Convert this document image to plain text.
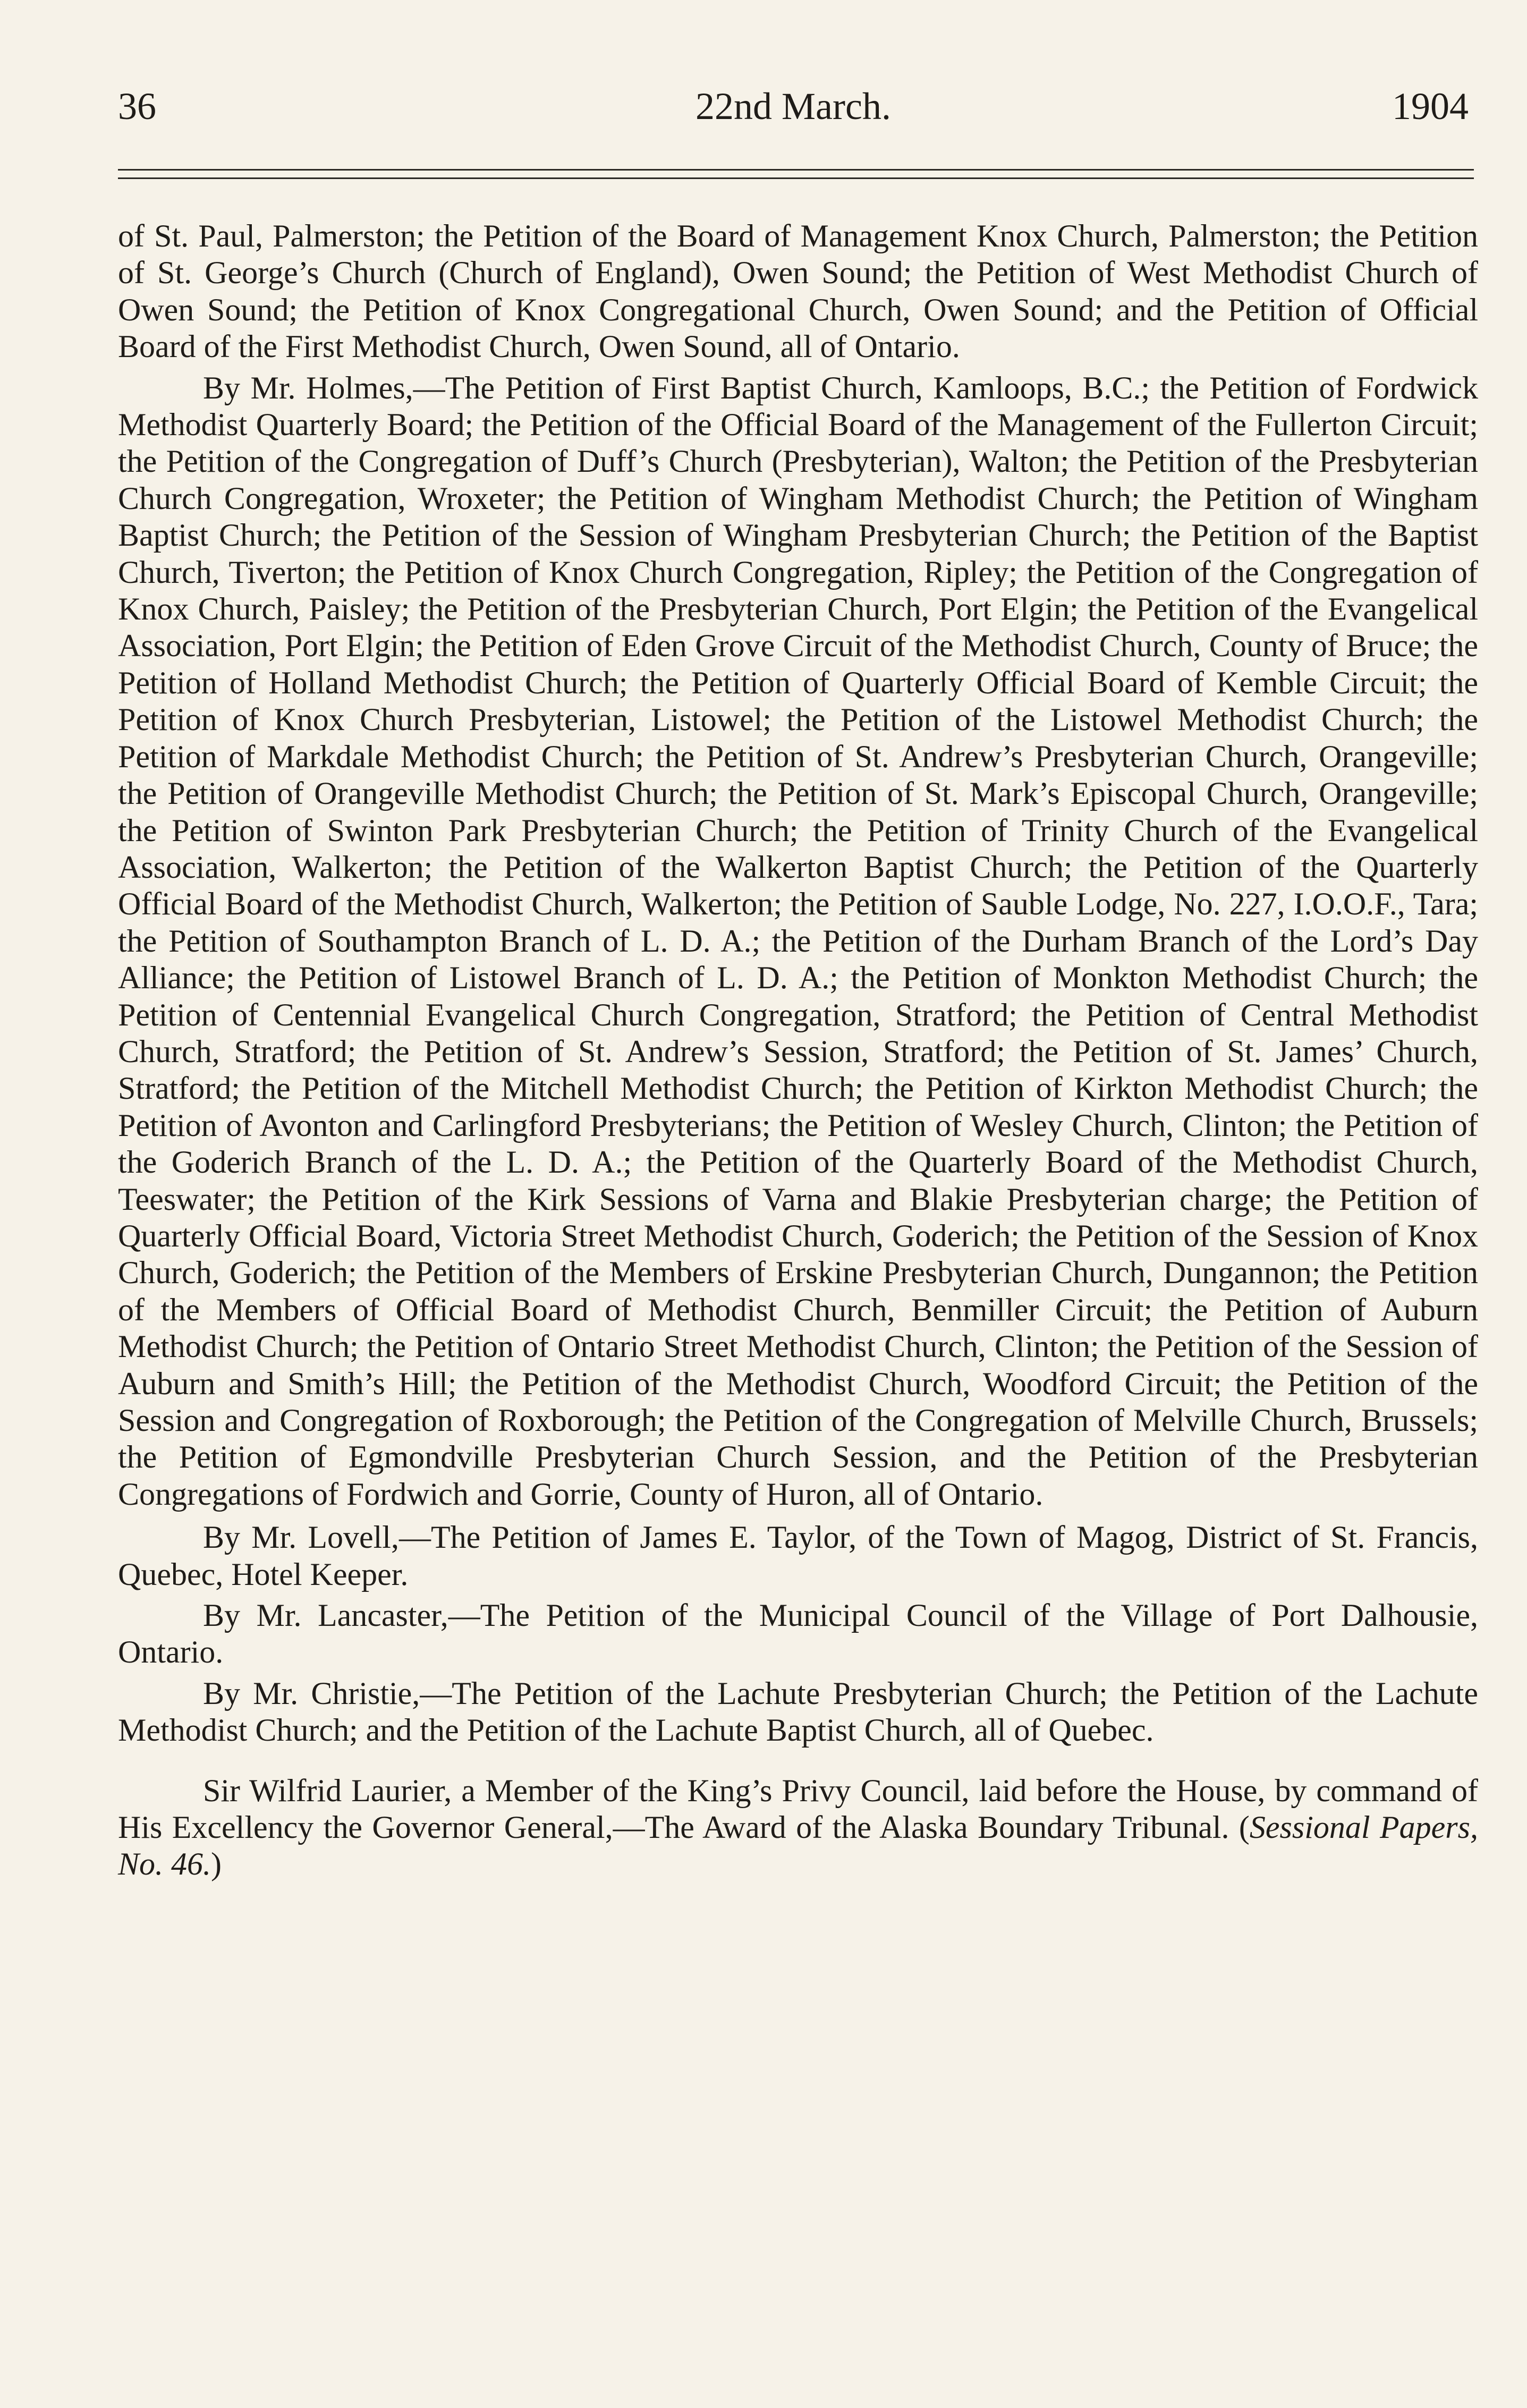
36	22nd March.	1904

of St. Paul, Palmerston; the Petition of the Board of Management Knox Church, Palmerston; the Petition of St. George’s Church (Church of England), Owen Sound; the Petition of West Methodist Church of Owen Sound; the Petition of Knox Congregational Church, Owen Sound; and the Petition of Official Board of the First Methodist Church, Owen Sound, all of Ontario.

By Mr. Holmes,—The Petition of First Baptist Church, Kamloops, B.C.; the Petition of Fordwick Methodist Quarterly Board; the Petition of the Official Board of the Management of the Fullerton Circuit; the Petition of the Congregation of Duff’s Church (Presbyterian), Walton; the Petition of the Presbyterian Church Congregation, Wroxeter; the Petition of Wingham Methodist Church; the Petition of Wingham Baptist Church; the Petition of the Session of Wingham Presbyterian Church; the Petition of the Baptist Church, Tiverton; the Petition of Knox Church Congregation, Ripley; the Petition of the Congregation of Knox Church, Paisley; the Petition of the Presbyterian Church, Port Elgin; the Petition of the Evangelical Association, Port Elgin; the Petition of Eden Grove Circuit of the Methodist Church, County of Bruce; the Petition of Holland Methodist Church; the Petition of Quarterly Official Board of Kemble Circuit; the Petition of Knox Church Presbyterian, Listowel; the Petition of the Listowel Methodist Church; the Petition of Markdale Methodist Church; the Petition of St. Andrew’s Presbyterian Church, Orangeville; the Petition of Orangeville Methodist Church; the Petition of St. Mark’s Episcopal Church, Orangeville; the Petition of Swinton Park Presbyterian Church; the Petition of Trinity Church of the Evangelical Association, Walkerton; the Petition of the Walkerton Baptist Church; the Petition of the Quarterly Official Board of the Methodist Church, Walkerton; the Petition of Sauble Lodge, No. 227, I.O.O.F., Tara; the Petition of Southampton Branch of L. D. A.; the Petition of the Durham Branch of the Lord’s Day Alliance; the Petition of Listowel Branch of L. D. A.; the Petition of Monkton Methodist Church; the Petition of Centennial Evangelical Church Congregation, Stratford; the Petition of Central Methodist Church, Stratford; the Petition of St. Andrew’s Session, Stratford; the Petition of St. James’ Church, Stratford; the Petition of the Mitchell Methodist Church; the Petition of Kirkton Methodist Church; the Petition of Avonton and Carlingford Presbyterians; the Petition of Wesley Church, Clinton; the Petition of the Goderich Branch of the L. D. A.; the Petition of the Quarterly Board of the Methodist Church, Teeswater; the Petition of the Kirk Sessions of Varna and Blakie Presbyterian charge; the Petition of Quarterly Official Board, Victoria Street Methodist Church, Goderich; the Petition of the Session of Knox Church, Goderich; the Petition of the Members of Erskine Presbyterian Church, Dungannon; the Petition of the Members of Official Board of Methodist Church, Benmiller Circuit; the Petition of Auburn Methodist Church; the Petition of Ontario Street Methodist Church, Clinton; the Petition of the Session of Auburn and Smith’s Hill; the Petition of the Methodist Church, Woodford Circuit; the Petition of the Session and Congregation of Roxborough; the Petition of the Congregation of Melville Church, Brussels; the Petition of Egmondville Presbyterian Church Session, and the Petition of the Presbyterian Congregations of Fordwich and Gorrie, County of Huron, all of Ontario.

By Mr. Lovell,—The Petition of James E. Taylor, of the Town of Magog, District of St. Francis, Quebec, Hotel Keeper.

By Mr. Lancaster,—The Petition of the Municipal Council of the Village of Port Dalhousie, Ontario.

By Mr. Christie,—The Petition of the Lachute Presbyterian Church; the Petition of the Lachute Methodist Church; and the Petition of the Lachute Baptist Church, all of Quebec.

Sir Wilfrid Laurier, a Member of the King’s Privy Council, laid before the House, by command of His Excellency the Governor General,—The Award of the Alaska Boundary Tribunal. (Sessional Papers, No. 46.)
